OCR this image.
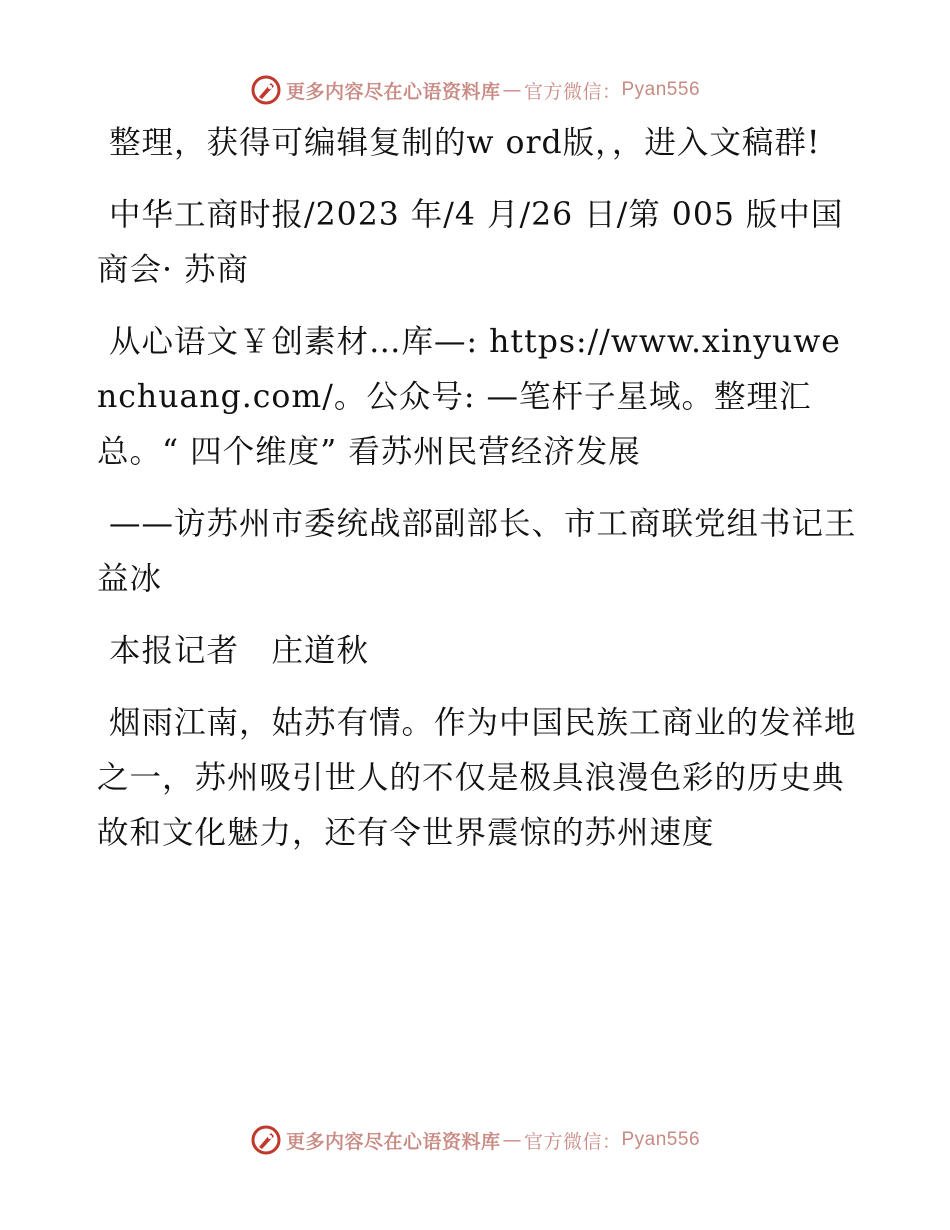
更多内容尽在心语资料库 — 官方微信： Pyan556

整理，获得可编辑复制的w ord版，，进入文稿群!

中华工商时报/2023 年/4 月/26 日/第 005 版中国商会· 苏商

从心语文￥创素材…库—: https://www.xinyuwenchuang.com/。公众号: —笔杆子星域。整理汇总。“ 四个维度” 看苏州民营经济发展

——访苏州市委统战部副部长、市工商联党组书记王益冰

本报记者　庄道秋

烟雨江南，姑苏有情。作为中国民族工商业的发祥地之一，苏州吸引世人的不仅是极具浪漫色彩的历史典故和文化魅力，还有令世界震惊的苏州速度

更多内容尽在心语资料库 — 官方微信： Pyan556
